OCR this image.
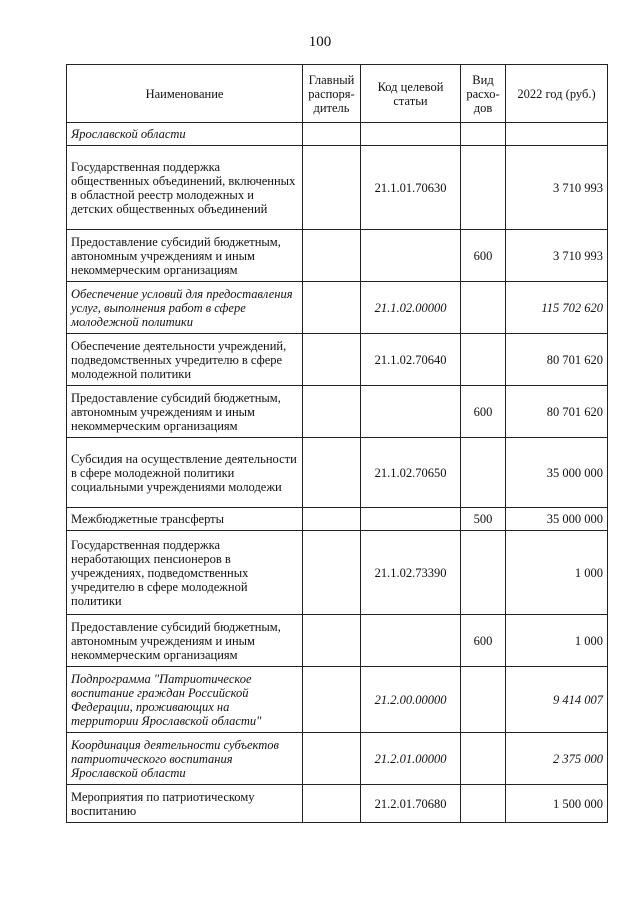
100
Наименование	Главный распоря-дитель	Код целевой статьи	Вид расхо-дов	2022 год (руб.)
Ярославской области				
Государственная поддержка общественных объединений, включенных в областной реестр молодежных и детских общественных объединений		21.1.01.70630		3 710 993
Предоставление субсидий бюджетным, автономным учреждениям и иным некоммерческим организациям			600	3 710 993
Обеспечение условий для предоставления услуг, выполнения работ в сфере молодежной политики		21.1.02.00000		115 702 620
Обеспечение деятельности учреждений, подведомственных учредителю в сфере молодежной политики		21.1.02.70640		80 701 620
Предоставление субсидий бюджетным, автономным учреждениям и иным некоммерческим организациям			600	80 701 620
Субсидия на осуществление деятельности в сфере молодежной политики социальными учреждениями молодежи		21.1.02.70650		35 000 000
Межбюджетные трансферты			500	35 000 000
Государственная поддержка неработающих пенсионеров в учреждениях, подведомственных учредителю в сфере молодежной политики		21.1.02.73390		1 000
Предоставление субсидий бюджетным, автономным учреждениям и иным некоммерческим организациям			600	1 000
Подпрограмма "Патриотическое воспитание граждан Российской Федерации, проживающих на территории Ярославской области"		21.2.00.00000		9 414 007
Координация деятельности субъектов патриотического воспитания Ярославской области		21.2.01.00000		2 375 000
Мероприятия по патриотическому воспитанию		21.2.01.70680		1 500 000
